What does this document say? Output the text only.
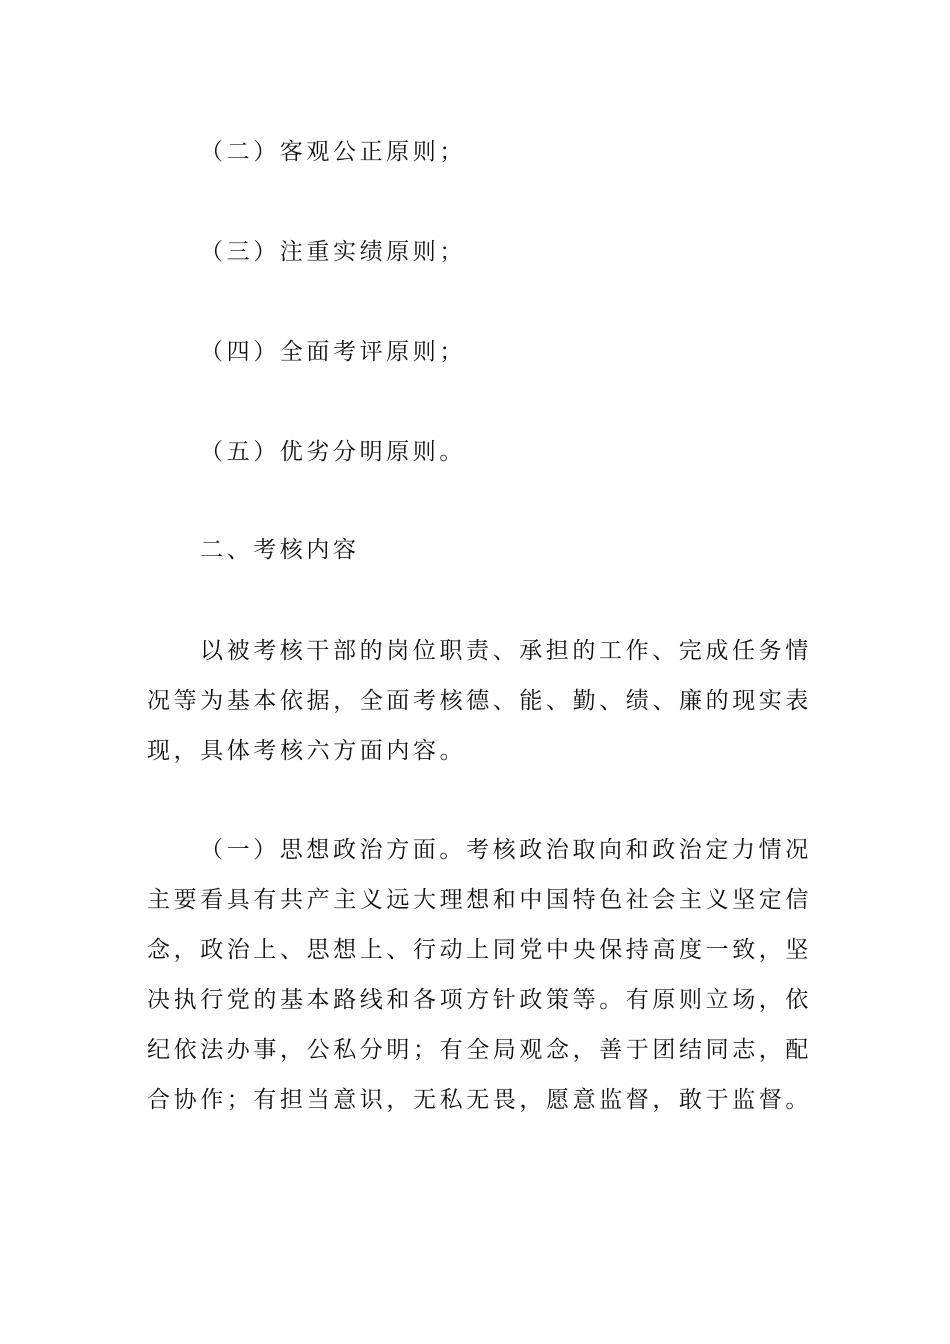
（二）客观公正原则；
（三）注重实绩原则；
（四）全面考评原则；
（五）优劣分明原则。
二、考核内容
以被考核干部的岗位职责、承担的工作、完成任务情
况等为基本依据，全面考核德、能、勤、绩、廉的现实表
现，具体考核六方面内容。
（一）思想政治方面。考核政治取向和政治定力情况
主要看具有共产主义远大理想和中国特色社会主义坚定信
念，政治上、思想上、行动上同党中央保持高度一致，坚
决执行党的基本路线和各项方针政策等。有原则立场，依
纪依法办事，公私分明；有全局观念，善于团结同志，配
合协作；有担当意识，无私无畏，愿意监督，敢于监督。
